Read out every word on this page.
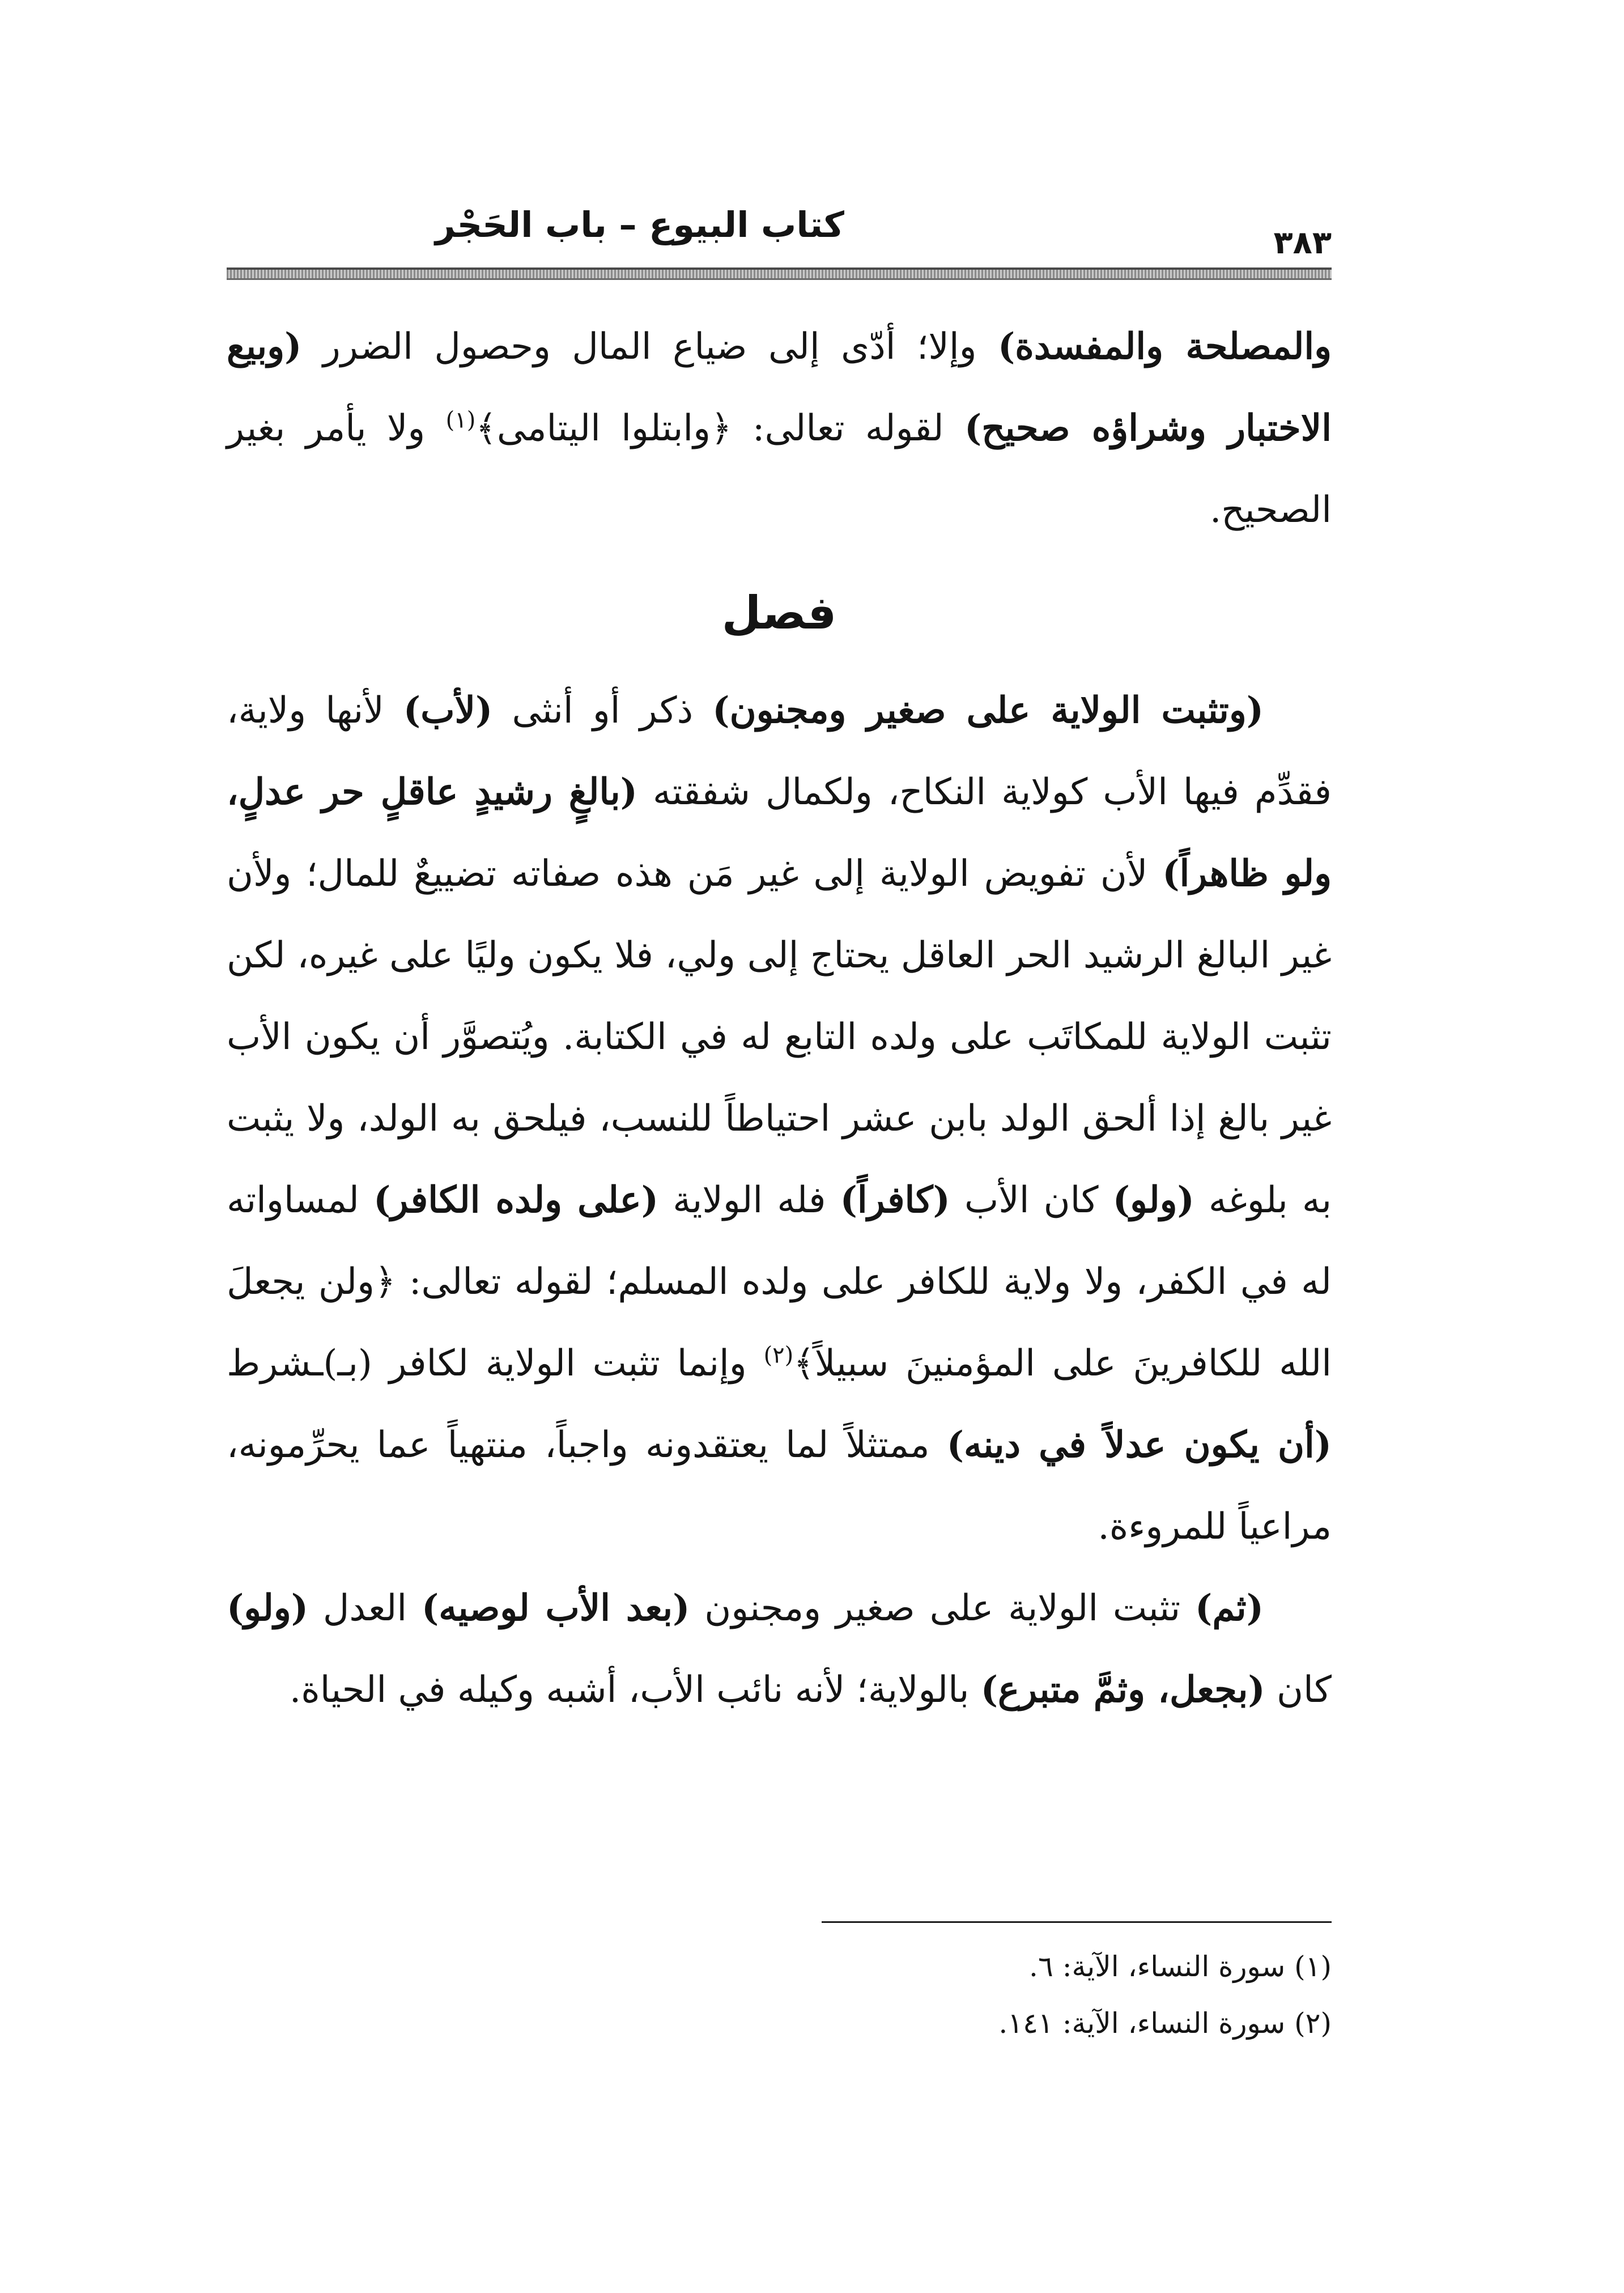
كتاب البيوع – باب الحَجْر	٣٨٣

والمصلحة والمفسدة) وإلا؛ أدّى إلى ضياع المال وحصول الضرر (وبيع الاختبار وشراؤه صحيح) لقوله تعالى: ﴿وابتلوا اليتامى﴾$^{(١)}$ ولا يأمر بغير الصحيح.

فصل

(وتثبت الولاية على صغير ومجنون) ذكر أو أنثى (لأب) لأنها ولاية، فقدِّم فيها الأب كولاية النكاح، ولكمال شفقته (بالغٍ رشيدٍ عاقلٍ حر عدلٍ، ولو ظاهراً) لأن تفويض الولاية إلى غير مَن هذه صفاته تضييعٌ للمال؛ ولأن غير البالغ الرشيد الحر العاقل يحتاج إلى ولي، فلا يكون وليًا على غيره، لكن تثبت الولاية للمكاتَب على ولده التابع له في الكتابة. ويُتصوَّر أن يكون الأب غير بالغ إذا ألحق الولد بابن عشر احتياطاً للنسب، فيلحق به الولد، ولا يثبت به بلوغه (ولو) كان الأب (كافراً) فله الولاية (على ولده الكافر) لمساواته له في الكفر، ولا ولاية للكافر على ولده المسلم؛ لقوله تعالى: ﴿ولن يجعلَ الله للكافرينَ على المؤمنينَ سبيلاً﴾$^{(٢)}$ وإنما تثبت الولاية لكافر (بـ)ـشرط (أن يكون عدلاً في دينه) ممتثلاً لما يعتقدونه واجباً، منتهياً عما يحرِّمونه، مراعياً للمروءة.

(ثم) تثبت الولاية على صغير ومجنون (بعد الأب لوصيه) العدل (ولو) كان (بجعل، وثمَّ متبرع) بالولاية؛ لأنه نائب الأب، أشبه وكيله في الحياة.

(١) سورة النساء، الآية: ٦.

(٢) سورة النساء، الآية: ١٤١.
